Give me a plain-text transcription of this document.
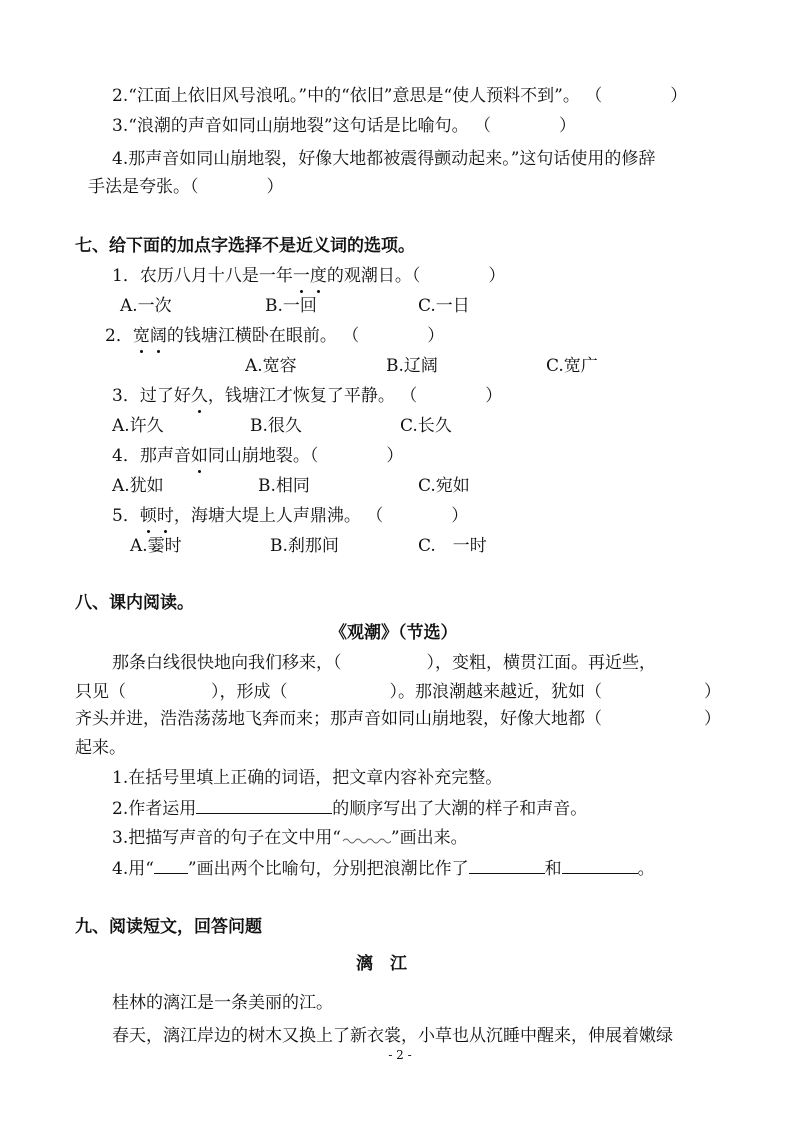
2.“江面上依旧风号浪吼。”中的“依旧”意思是“使人预料不到”。 （　　　　）
3.“浪潮的声音如同山崩地裂”这句话是比喻句。 （　　　　）
4.那声音如同山崩地裂，好像大地都被震得颤动起来。”这句话使用的修辞
手法是夸张。（　　　　）
七、给下面的加点字选择不是近义词的选项。
1．农历八月十八是一年一度的观潮日。（　　　　）
A.一次	B.一回	C.一日
2．宽阔的钱塘江横卧在眼前。 （　　　　）
A.宽容	B.辽阔	C.宽广
3．过了好久，钱塘江才恢复了平静。 （　　　　）
A.许久	B.很久	C.长久
4．那声音如同山崩地裂。（　　　　）
A.犹如	B.相同	C.宛如
5．顿时，海塘大堤上人声鼎沸。 （　　　　）
A.霎时	B.刹那间	C.　一时
八、课内阅读。
《观潮》（节选）
那条白线很快地向我们移来，（　　　　　），变粗，横贯江面。再近些，
只见（　　　　　），形成（　　　　　　）。那浪潮越来越近，犹如（　　　　　　）
齐头并进，浩浩荡荡地飞奔而来；那声音如同山崩地裂，好像大地都（　　　　　　）
起来。
1.在括号里填上正确的词语，把文章内容补充完整。
2.作者运用	的顺序写出了大潮的样子和声音。
3.把描写声音的句子在文中用“	”画出来。
4.用“ ”画出两个比喻句，分别把浪潮比作了	和	。
九、阅读短文，回答问题
漓　江
桂林的漓江是一条美丽的江。
春天，漓江岸边的树木又换上了新衣裳，小草也从沉睡中醒来，伸展着嫩绿
- 2 -
